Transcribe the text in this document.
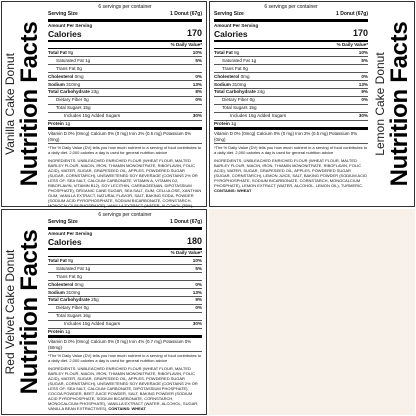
Vanilla Cake Donut Nutrition Facts
6 servings per container
Serving Size	1 Donut (67g)
Amount Per Serving
Calories	170
% Daily Value*
Total Fat 8g	10%
Saturated Fat 1g	5%
Trans Fat 0g
Cholesterol 0mg	0%
Sodium 310mg	13%
Total Carbohydrate 23g	8%
Dietary Fiber 0g	0%
Total Sugars 15g
Includes 15g Added Sugars	30%
Protein 1g
Vitamin D 0% (0mcg) Calcium 0% (0 mg) Iron 2% (0.5 mg) Potassium 0% (0mg)
*The % Daily Value (DV) tells you how much nutrient in a serving of food contributes to a daily diet. 2,000 calories a day is used for general nutrition advice
INGREDIENTS: UNBLEACHED ENRICHED FLOUR (WHEAT FLOUR, MALTED BARLEY FLOUR, NIACIN, IRON, THIAMIN MONONITRATE, RIBOFLAVIN, FOLIC ACID), WATER, SUGAR, GRAPESEED OIL, APPLES, POWDERED SUGAR (SUGAR, CORNSTARCH), UNSWEETENED SOY BEVERAGE (CONTAINS 2% OR LESS OF: SEA SALT, CALCIUM CARBONATE, VITAMIN A, VITAMIN D2, RIBOFLAVIN, VITAMIN B12), SOY LECITHIN, CARRAGEENAN, DIPOTASSIUM PHOSPHATE), ORGANIC CANE SUGAR, SEA SALT, GUM, CELLULOSE, XANTHAN GUM, VANILLA EXTRACT, NATURAL FLAVOR, SALT, BAKING SODA, POWDER (SODIUM ACID PYROPHOSPHATE, SODIUM BICARBONATE, CORNSTARCH, MONOCALCIUM PHOSPHATE), VANILLA EXTRACT (WATER, ALCOHOL (35%),
6 servings per container
Serving Size	1 Donut (67g)
Amount Per Serving
Calories	170
% Daily Value*
Total Fat 8g	10%
Saturated Fat 1g	5%
Trans Fat 0g
Cholesterol 0mg	0%
Sodium 310mg	13%
Total Carbohydrate 24g	9%
Dietary Fiber 0g	0%
Total Sugars 15g
Includes 15g Added Sugars	30%
Protein 1g
Vitamin D 0% (0mcg) Calcium 0% (0 mg) Iron 2% (0.5 mg) Potassium 0% (0mg)
*The % Daily Value (DV) tells you how much nutrient in a serving of food contributes to a daily diet. 2,000 calories a day is used for general nutrition advice
INGREDIENTS: UNBLEACHED ENRICHED FLOUR (WHEAT FLOUR, MALTED BARLEY FLOUR, NIACIN, IRON, THIAMIN MONONITRATE, RIBOFLAVIN, FOLIC ACID), WATER, SUGAR, GRAPESEED OIL, APPLES, POWDERED SUGAR (SUGAR, CORNSTARCH), LEMON JUICE, SALT, BAKING POWDER (SODIUM ACID PYROPHOSPHATE, SODIUM BICARBONATE, CORNSTARCH, MONOCALCIUM PHOSPHATE), LEMON EXTRACT (WATER, ALCOHOL, LEMON OIL), TURMERIC. CONTAINS: WHEAT
Lemon Cake Donut Nutrition Facts
Red Velvet Cake Donut Nutrition Facts
6 servings per container
Serving Size	1 Donut (67g)
Amount Per Serving
Calories	180
% Daily Value*
Total Fat 8g	10%
Saturated Fat 1g	5%
Trans Fat 0g
Cholesterol 0mg	0%
Sodium 310mg	13%
Total Carbohydrate 25g	9%
Dietary Fiber 0g	0%
Total Sugars 16g
Includes 15g Added Sugars	30%
Protein 1g
Vitamin D 0% (0mcg) Calcium 0% (0 mg) Iron 4% (0.7 mg) Potassium 0% (50mg)
*The % Daily Value (DV) tells you how much nutrient in a serving of food contributes to a daily diet. 2,000 calories a day is used for general nutrition advice
INGREDIENTS: UNBLEACHED ENRICHED FLOUR (WHEAT FLOUR, MALTED BARLEY FLOUR, NIACIN, IRON, THIAMIN MONONITRATE, RIBOFLAVIN, FOLIC ACID), WATER, SUGAR, GRAPESEED OIL, APPLES, POWDERED SUGAR (SUGAR, CORNSTARCH), UNSWEETENED SOY BEVERAGE (CONTAINS 2% OR LESS OF: SEA SALT, CALCIUM CARBONATE, DIPOTASSIUM PHOSPHATE), COCOA POWDER, BEET JUICE POWDER, SALT, BAKING POWDER (SODIUM ACID PYROPHOSPHATE, SODIUM BICARBONATE, CORNSTARCH, MONOCALCIUM PHOSPHATE), VANILLA EXTRACT (WATER, ALCOHOL, SUGAR, VANILLA BEAN EXTRACTIVES). CONTAINS: WHEAT
